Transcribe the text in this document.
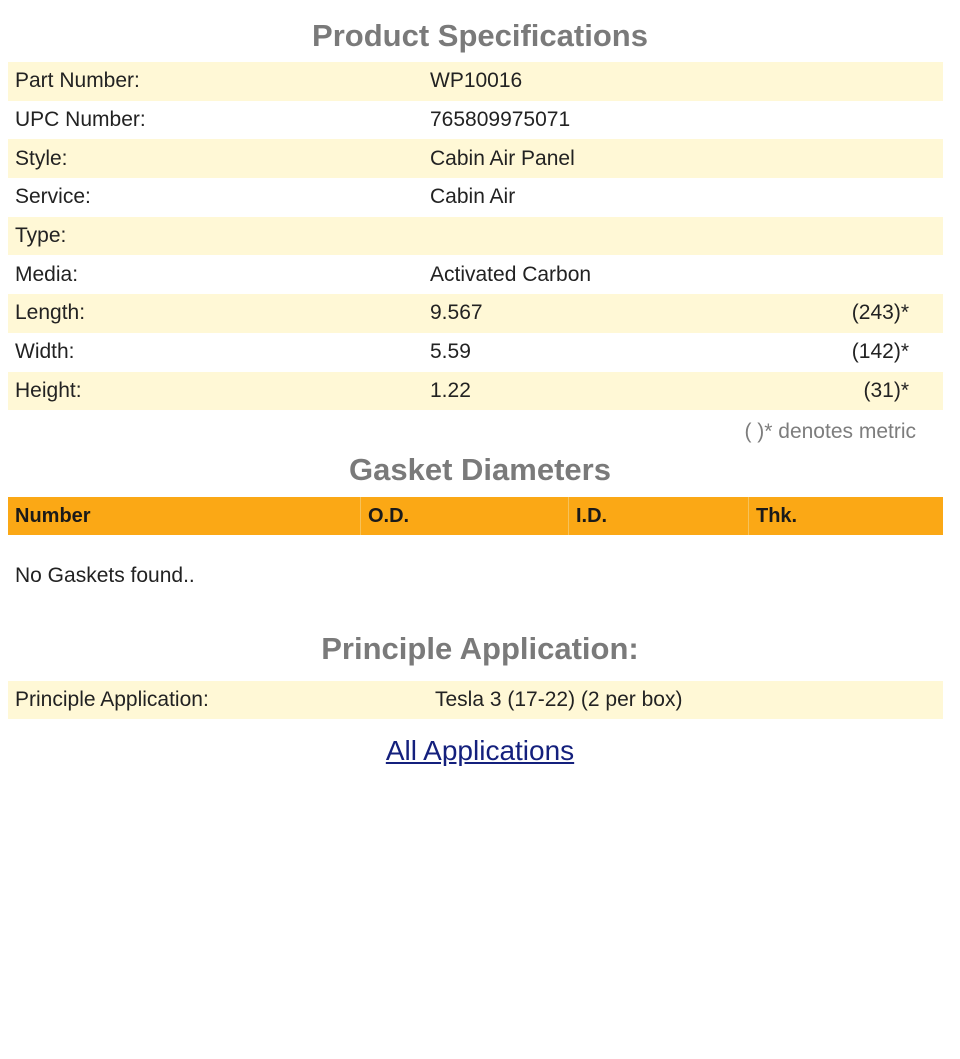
Product Specifications
Part Number:	WP10016	
UPC Number:	765809975071	
Style:	Cabin Air Panel	
Service:	Cabin Air	
Type:		
Media:	Activated Carbon	
Length:	9.567	(243)*
Width:	5.59	(142)*
Height:	1.22	(31)*
( )* denotes metric
Gasket Diameters
Number	O.D.	I.D.	Thk.
No Gaskets found..
Principle Application:
Principle Application:	Tesla 3 (17-22) (2 per box)
All Applications
